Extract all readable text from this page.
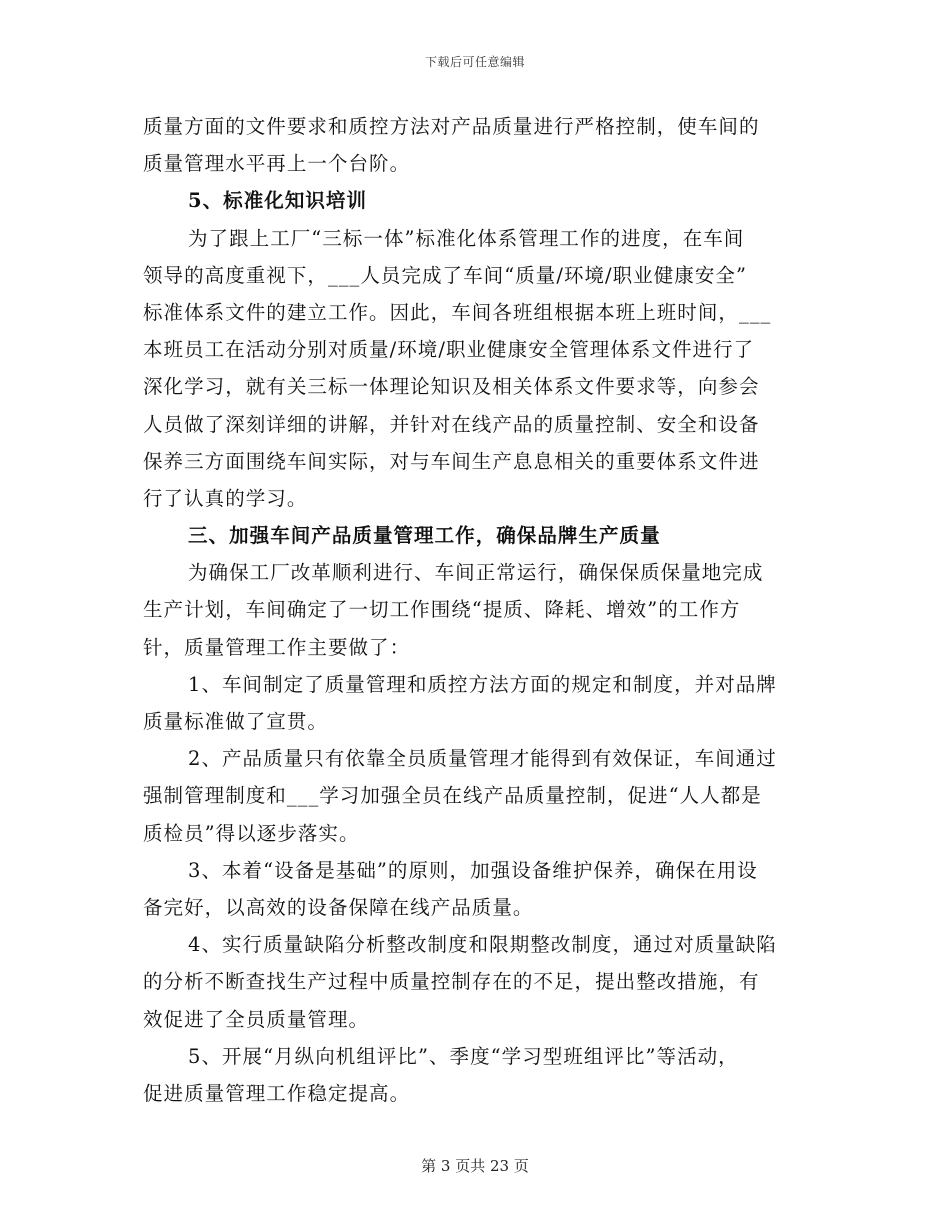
下载后可任意编辑
质量方面的文件要求和质控方法对产品质量进行严格控制，使车间的
质量管理水平再上一个台阶。
5、标准化知识培训
为了跟上工厂“三标一体”标准化体系管理工作的进度，在车间
领导的高度重视下，___人员完成了车间“质量/环境/职业健康安全”
标准体系文件的建立工作。因此，车间各班组根据本班上班时间，___
本班员工在活动分别对质量/环境/职业健康安全管理体系文件进行了
深化学习，就有关三标一体理论知识及相关体系文件要求等，向参会
人员做了深刻详细的讲解，并针对在线产品的质量控制、安全和设备
保养三方面围绕车间实际，对与车间生产息息相关的重要体系文件进
行了认真的学习。
三、加强车间产品质量管理工作，确保品牌生产质量
为确保工厂改革顺利进行、车间正常运行，确保保质保量地完成
生产计划，车间确定了一切工作围绕“提质、降耗、增效”的工作方
针，质量管理工作主要做了：
1、车间制定了质量管理和质控方法方面的规定和制度，并对品牌
质量标准做了宣贯。
2、产品质量只有依靠全员质量管理才能得到有效保证，车间通过
强制管理制度和___学习加强全员在线产品质量控制，促进“人人都是
质检员”得以逐步落实。
3、本着“设备是基础”的原则，加强设备维护保养，确保在用设
备完好，以高效的设备保障在线产品质量。
4、实行质量缺陷分析整改制度和限期整改制度，通过对质量缺陷
的分析不断查找生产过程中质量控制存在的不足，提出整改措施，有
效促进了全员质量管理。
5、开展“月纵向机组评比”、季度“学习型班组评比”等活动，
促进质量管理工作稳定提高。
第 3 页共 23 页
